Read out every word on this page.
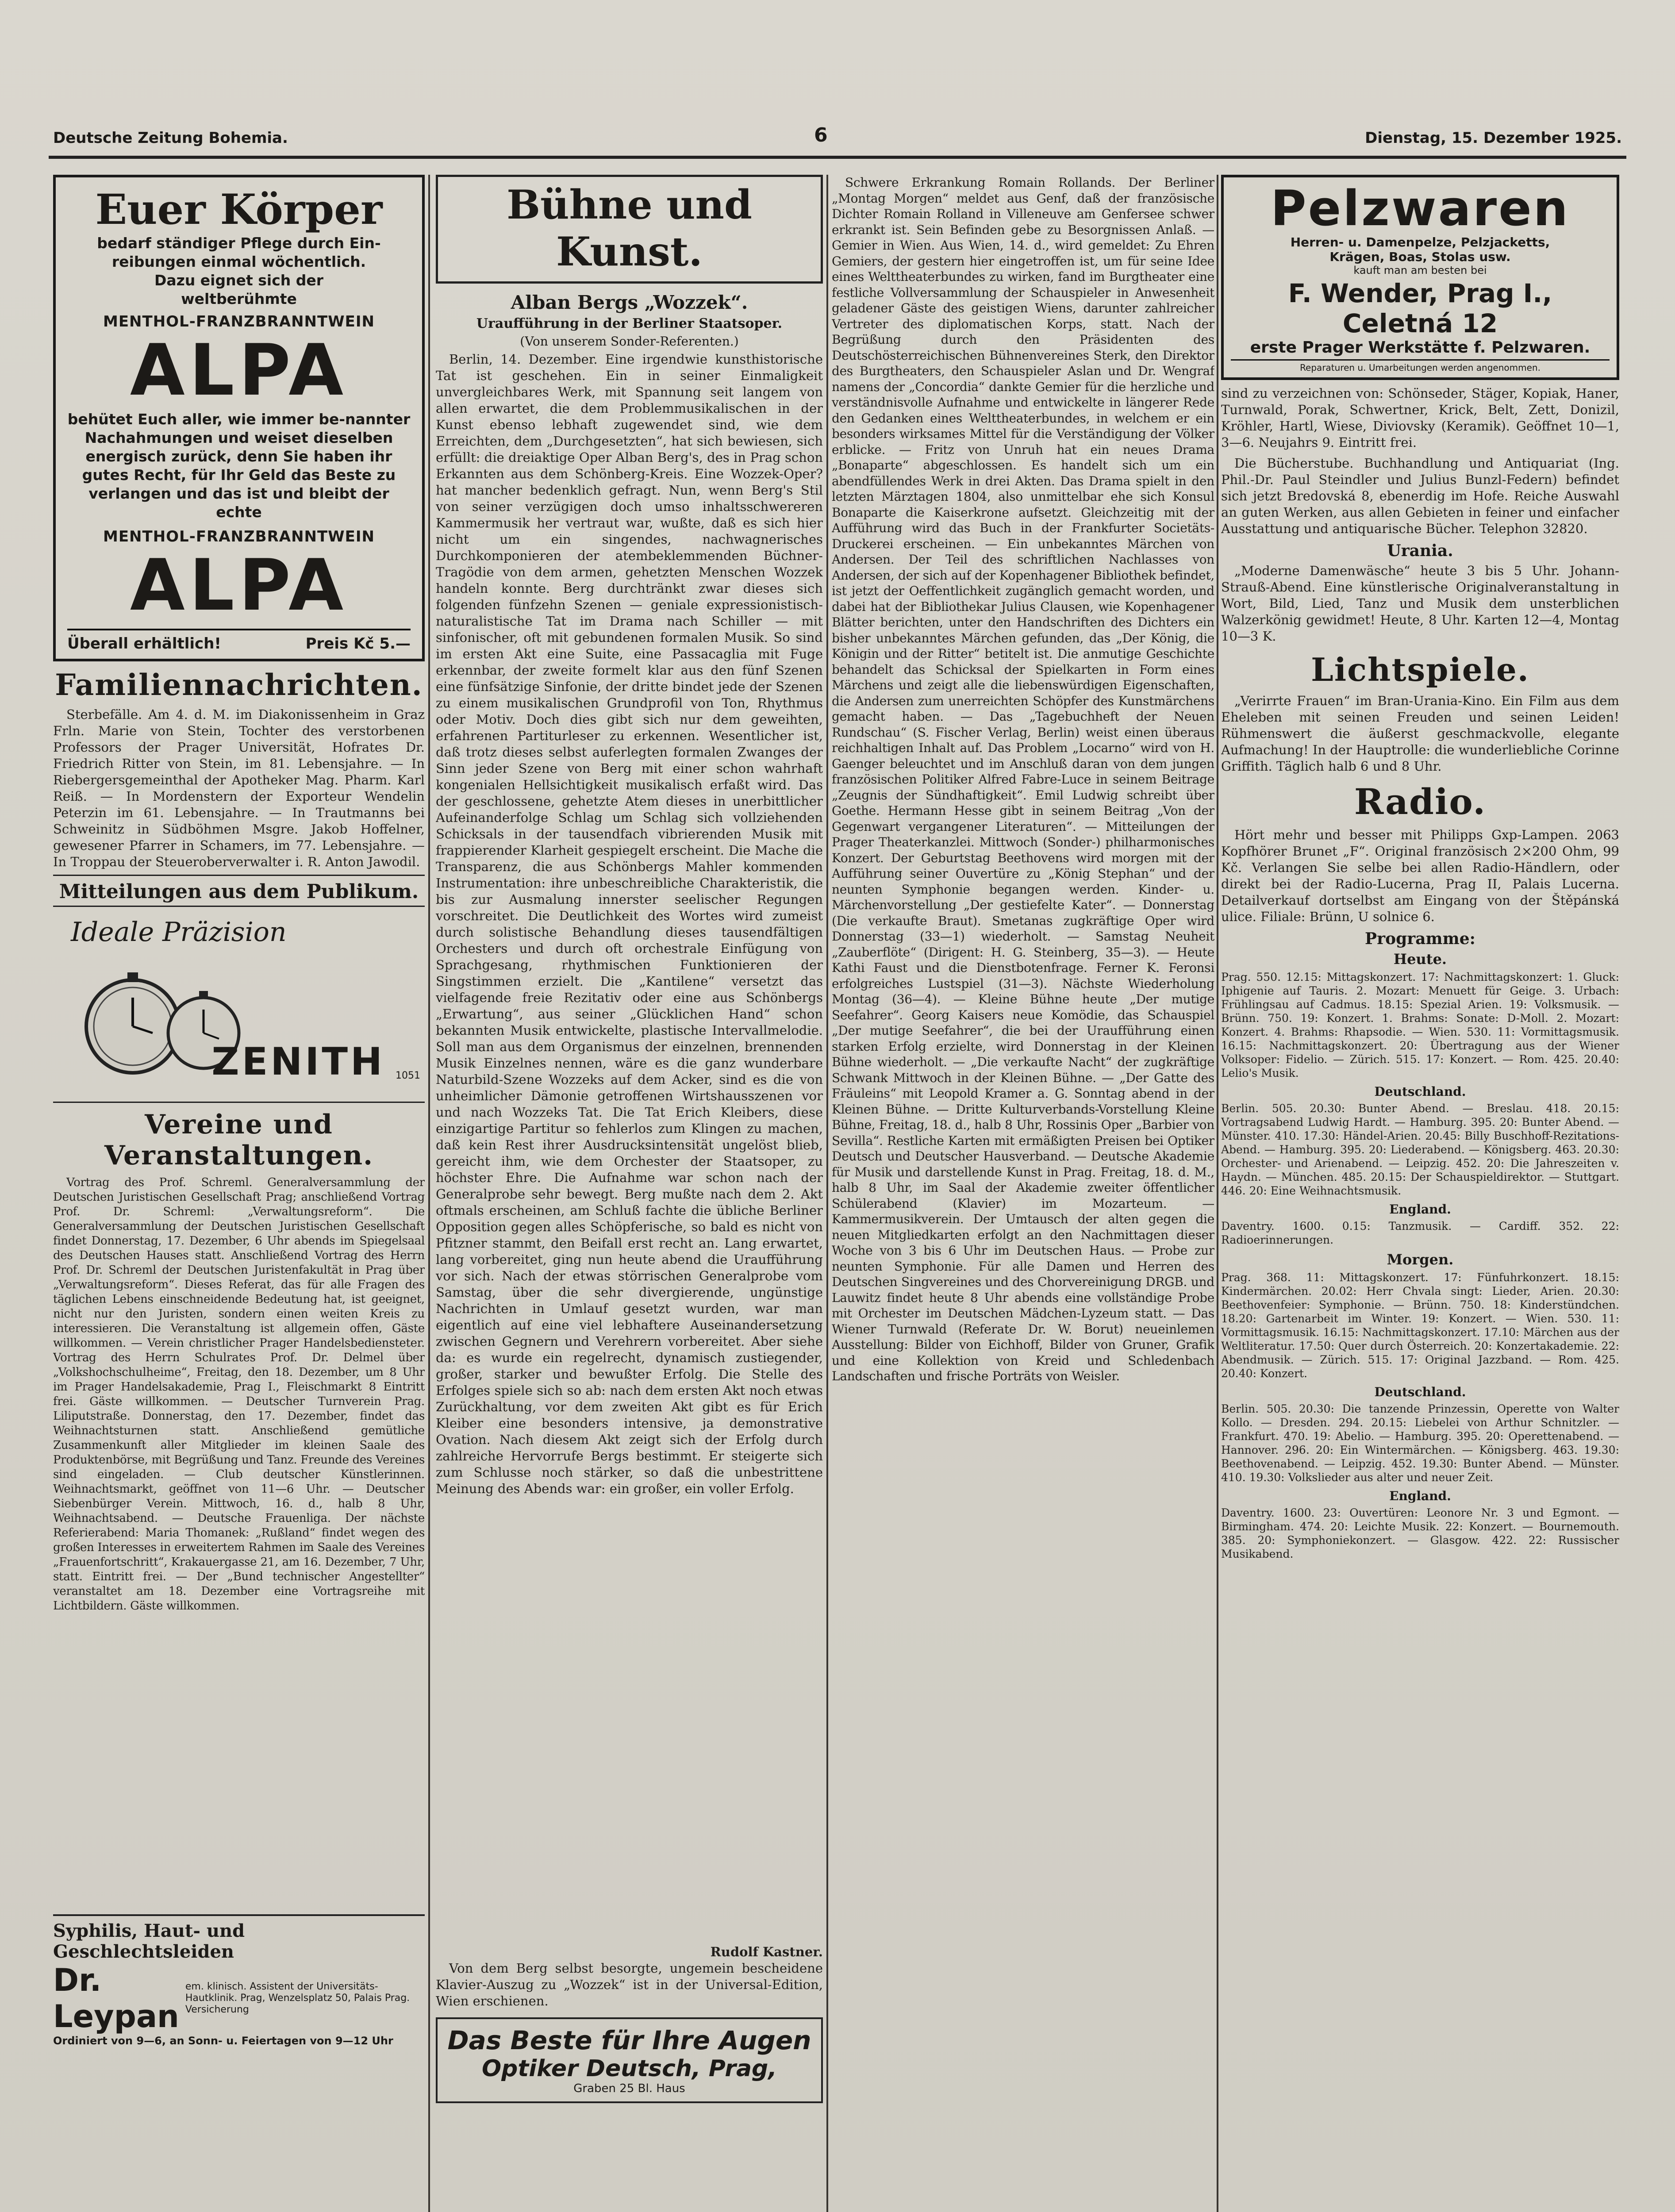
Deutsche Zeitung Bohemia.	6	Dienstag, 15. Dezember 1925.
Euer Körper
bedarf ständiger Pflege durch Ein-
reibungen einmal wöchentlich.
Dazu eignet sich der
weltberühmte
MENTHOL-FRANZBRANNTWEIN
ALPA
behütet Euch aller, wie immer be-nannter Nachahmungen und weiset dieselben energisch zurück, denn Sie haben ihr gutes Recht, für Ihr Geld das Beste zu verlangen und das ist und bleibt der echte
MENTHOL-FRANZBRANNTWEIN
ALPA
Überall erhältlich!	Preis Kč 5.—
Familiennachrichten.

Sterbefälle. Am 4. d. M. im Diakonissenheim in Graz Frln. Marie von Stein, Tochter des verstorbenen Professors der Prager Universität, Hofrates Dr. Friedrich Ritter von Stein, im 81. Lebensjahre. — In Riebergersgemeinthal der Apotheker Mag. Pharm. Karl Reiß. — In Mordenstern der Exporteur Wendelin Peterzin im 61. Lebensjahre. — In Trautmanns bei Schweinitz in Südböhmen Msgre. Jakob Hoffelner, gewesener Pfarrer in Schamers, im 77. Lebensjahre. — In Troppau der Steueroberverwalter i. R. Anton Jawodil.

Mitteilungen aus dem Publikum.
Ideale Präzision
ZENITH 1051
Vereine und Veranstaltungen.

Vortrag des Prof. Schreml. Generalversammlung der Deutschen Juristischen Gesellschaft Prag; anschließend Vortrag Prof. Dr. Schreml: „Verwaltungsreform“. Die Generalversammlung der Deutschen Juristischen Gesellschaft findet Donnerstag, 17. Dezember, 6 Uhr abends im Spiegelsaal des Deutschen Hauses statt. Anschließend Vortrag des Herrn Prof. Dr. Schreml der Deutschen Juristenfakultät in Prag über „Verwaltungsreform“. Dieses Referat, das für alle Fragen des täglichen Lebens einschneidende Bedeutung hat, ist geeignet, nicht nur den Juristen, sondern einen weiten Kreis zu interessieren. Die Veranstaltung ist allgemein offen, Gäste willkommen. — Verein christlicher Prager Handelsbediensteter. Vortrag des Herrn Schulrates Prof. Dr. Delmel über „Volkshochschulheime“, Freitag, den 18. Dezember, um 8 Uhr im Prager Handelsakademie, Prag I., Fleischmarkt 8 Eintritt frei. Gäste willkommen. — Deutscher Turnverein Prag. Liliputstraße. Donnerstag, den 17. Dezember, findet das Weihnachtsturnen statt. Anschließend gemütliche Zusammenkunft aller Mitglieder im kleinen Saale des Produktenbörse, mit Begrüßung und Tanz. Freunde des Vereines sind eingeladen. — Club deutscher Künstlerinnen. Weihnachtsmarkt, geöffnet von 11—6 Uhr. — Deutscher Siebenbürger Verein. Mittwoch, 16. d., halb 8 Uhr, Weihnachtsabend. — Deutsche Frauenliga. Der nächste Referierabend: Maria Thomanek: „Rußland“ findet wegen des großen Interesses in erweitertem Rahmen im Saale des Vereines „Frauenfortschritt“, Krakauergasse 21, am 16. Dezember, 7 Uhr, statt. Eintritt frei. — Der „Bund technischer Angestellter“ veranstaltet am 18. Dezember eine Vortragsreihe mit Lichtbildern. Gäste willkommen.

Syphilis, Haut- und Geschlechtsleiden
Dr. Leypan
em. klinisch. Assistent der Universitäts-Hautklinik. Prag, Wenzelsplatz 50, Palais Prag. Versicherung
Ordiniert von 9—6, an Sonn- u. Feiertagen von 9—12 Uhr
Bühne und Kunst.
Alban Bergs „Wozzek“.
Uraufführung in der Berliner Staatsoper.
(Von unserem Sonder-Referenten.)

Berlin, 14. Dezember. Eine irgendwie kunsthistorische Tat ist geschehen. Ein in seiner Einmaligkeit unvergleichbares Werk, mit Spannung seit langem von allen erwartet, die dem Problemmusikalischen in der Kunst ebenso lebhaft zugewendet sind, wie dem Erreichten, dem „Durchgesetzten“, hat sich bewiesen, sich erfüllt: die dreiaktige Oper Alban Berg's, des in Prag schon Erkannten aus dem Schönberg-Kreis. Eine Wozzek-Oper? hat mancher bedenklich gefragt. Nun, wenn Berg's Stil von seiner verzügigen doch umso inhaltsschwereren Kammermusik her vertraut war, wußte, daß es sich hier nicht um ein singendes, nachwagnerisches Durchkomponieren der atembeklemmenden Büchner-Tragödie von dem armen, gehetzten Menschen Wozzek handeln konnte. Berg durchtränkt zwar dieses sich folgenden fünfzehn Szenen — geniale expressionistisch-naturalistische Tat im Drama nach Schiller — mit sinfonischer, oft mit gebundenen formalen Musik. So sind im ersten Akt eine Suite, eine Passacaglia mit Fuge erkennbar, der zweite formelt klar aus den fünf Szenen eine fünfsätzige Sinfonie, der dritte bindet jede der Szenen zu einem musikalischen Grundprofil von Ton, Rhythmus oder Motiv. Doch dies gibt sich nur dem geweihten, erfahrenen Partiturleser zu erkennen. Wesentlicher ist, daß trotz dieses selbst auferlegten formalen Zwanges der Sinn jeder Szene von Berg mit einer schon wahrhaft kongenialen Hellsichtigkeit musikalisch erfaßt wird. Das der geschlossene, gehetzte Atem dieses in unerbittlicher Aufeinanderfolge Schlag um Schlag sich vollziehenden Schicksals in der tausendfach vibrierenden Musik mit frappierender Klarheit gespiegelt erscheint. Die Mache die Transparenz, die aus Schönbergs Mahler kommenden Instrumentation: ihre unbeschreibliche Charakteristik, die bis zur Ausmalung innerster seelischer Regungen vorschreitet. Die Deutlichkeit des Wortes wird zumeist durch solistische Behandlung dieses tausendfältigen Orchesters und durch oft orchestrale Einfügung von Sprachgesang, rhythmischen Funktionieren der Singstimmen erzielt. Die „Kantilene“ versetzt das vielfagende freie Rezitativ oder eine aus Schönbergs „Erwartung“, aus seiner „Glücklichen Hand“ schon bekannten Musik entwickelte, plastische Intervallmelodie. Soll man aus dem Organismus der einzelnen, brennenden Musik Einzelnes nennen, wäre es die ganz wunderbare Naturbild-Szene Wozzeks auf dem Acker, sind es die von unheimlicher Dämonie getroffenen Wirtshausszenen vor und nach Wozzeks Tat. Die Tat Erich Kleibers, diese einzigartige Partitur so fehlerlos zum Klingen zu machen, daß kein Rest ihrer Ausdrucksintensität ungelöst blieb, gereicht ihm, wie dem Orchester der Staatsoper, zu höchster Ehre. Die Aufnahme war schon nach der Generalprobe sehr bewegt. Berg mußte nach dem 2. Akt oftmals erscheinen, am Schluß fachte die übliche Berliner Opposition gegen alles Schöpferische, so bald es nicht von Pfitzner stammt, den Beifall erst recht an. Lang erwartet, lang vorbereitet, ging nun heute abend die Uraufführung vor sich. Nach der etwas störrischen Generalprobe vom Samstag, über die sehr divergierende, ungünstige Nachrichten in Umlauf gesetzt wurden, war man eigentlich auf eine viel lebhaftere Auseinandersetzung zwischen Gegnern und Verehrern vorbereitet. Aber siehe da: es wurde ein regelrecht, dynamisch zustiegender, großer, starker und bewußter Erfolg. Die Stelle des Erfolges spiele sich so ab: nach dem ersten Akt noch etwas Zurückhaltung, vor dem zweiten Akt gibt es für Erich Kleiber eine besonders intensive, ja demonstrative Ovation. Nach diesem Akt zeigt sich der Erfolg durch zahlreiche Hervorrufe Bergs bestimmt. Er steigerte sich zum Schlusse noch stärker, so daß die unbestrittene Meinung des Abends war: ein großer, ein voller Erfolg.

Rudolf Kastner.

Von dem Berg selbst besorgte, ungemein bescheidene Klavier-Auszug zu „Wozzek“ ist in der Universal-Edition, Wien erschienen.

Das Beste für Ihre Augen
Optiker Deutsch, Prag,
Graben 25 Bl. Haus

Schwere Erkrankung Romain Rollands. Der Berliner „Montag Morgen“ meldet aus Genf, daß der französische Dichter Romain Rolland in Villeneuve am Genfersee schwer erkrankt ist. Sein Befinden gebe zu Besorgnissen Anlaß. — Gemier in Wien. Aus Wien, 14. d., wird gemeldet: Zu Ehren Gemiers, der gestern hier eingetroffen ist, um für seine Idee eines Welttheaterbundes zu wirken, fand im Burgtheater eine festliche Vollversammlung der Schauspieler in Anwesenheit geladener Gäste des geistigen Wiens, darunter zahlreicher Vertreter des diplomatischen Korps, statt. Nach der Begrüßung durch den Präsidenten des Deutschösterreichischen Bühnenvereines Sterk, den Direktor des Burgtheaters, den Schauspieler Aslan und Dr. Wengraf namens der „Concordia“ dankte Gemier für die herzliche und verständnisvolle Aufnahme und entwickelte in längerer Rede den Gedanken eines Welttheaterbundes, in welchem er ein besonders wirksames Mittel für die Verständigung der Völker erblicke. — Fritz von Unruh hat ein neues Drama „Bonaparte“ abgeschlossen. Es handelt sich um ein abendfüllendes Werk in drei Akten. Das Drama spielt in den letzten Märztagen 1804, also unmittelbar ehe sich Konsul Bonaparte die Kaiserkrone aufsetzt. Gleichzeitig mit der Aufführung wird das Buch in der Frankfurter Societäts-Druckerei erscheinen. — Ein unbekanntes Märchen von Andersen. Der Teil des schriftlichen Nachlasses von Andersen, der sich auf der Kopenhagener Bibliothek befindet, ist jetzt der Oeffentlichkeit zugänglich gemacht worden, und dabei hat der Bibliothekar Julius Clausen, wie Kopenhagener Blätter berichten, unter den Handschriften des Dichters ein bisher unbekanntes Märchen gefunden, das „Der König, die Königin und der Ritter“ betitelt ist. Die anmutige Geschichte behandelt das Schicksal der Spielkarten in Form eines Märchens und zeigt alle die liebenswürdigen Eigenschaften, die Andersen zum unerreichten Schöpfer des Kunstmärchens gemacht haben. — Das „Tagebuchheft der Neuen Rundschau“ (S. Fischer Verlag, Berlin) weist einen überaus reichhaltigen Inhalt auf. Das Problem „Locarno“ wird von H. Gaenger beleuchtet und im Anschluß daran von dem jungen französischen Politiker Alfred Fabre-Luce in seinem Beitrage „Zeugnis der Sündhaftigkeit“. Emil Ludwig schreibt über Goethe. Hermann Hesse gibt in seinem Beitrag „Von der Gegenwart vergangener Literaturen“. — Mitteilungen der Prager Theaterkanzlei. Mittwoch (Sonder-) philharmonisches Konzert. Der Geburtstag Beethovens wird morgen mit der Aufführung seiner Ouvertüre zu „König Stephan“ und der neunten Symphonie begangen werden. Kinder- u. Märchenvorstellung „Der gestiefelte Kater“. — Donnerstag (Die verkaufte Braut). Smetanas zugkräftige Oper wird Donnerstag (33—1) wiederholt. — Samstag Neuheit „Zauberflöte“ (Dirigent: H. G. Steinberg, 35—3). — Heute Kathi Faust und die Dienstbotenfrage. Ferner K. Feronsi erfolgreiches Lustspiel (31—3). Nächste Wiederholung Montag (36—4). — Kleine Bühne heute „Der mutige Seefahrer“. Georg Kaisers neue Komödie, das Schauspiel „Der mutige Seefahrer“, die bei der Uraufführung einen starken Erfolg erzielte, wird Donnerstag in der Kleinen Bühne wiederholt. — „Die verkaufte Nacht“ der zugkräftige Schwank Mittwoch in der Kleinen Bühne. — „Der Gatte des Fräuleins“ mit Leopold Kramer a. G. Sonntag abend in der Kleinen Bühne. — Dritte Kulturverbands-Vorstellung Kleine Bühne, Freitag, 18. d., halb 8 Uhr, Rossinis Oper „Barbier von Sevilla“. Restliche Karten mit ermäßigten Preisen bei Optiker Deutsch und Deutscher Hausverband. — Deutsche Akademie für Musik und darstellende Kunst in Prag. Freitag, 18. d. M., halb 8 Uhr, im Saal der Akademie zweiter öffentlicher Schülerabend (Klavier) im Mozarteum. — Kammermusikverein. Der Umtausch der alten gegen die neuen Mitgliedkarten erfolgt an den Nachmittagen dieser Woche von 3 bis 6 Uhr im Deutschen Haus. — Probe zur neunten Symphonie. Für alle Damen und Herren des Deutschen Singvereines und des Chorvereinigung DRGB. und Lauwitz findet heute 8 Uhr abends eine vollständige Probe mit Orchester im Deutschen Mädchen-Lyzeum statt. — Das Wiener Turnwald (Referate Dr. W. Borut) neueinlemen Ausstellung: Bilder von Eichhoff, Bilder von Gruner, Grafik und eine Kollektion von Kreid und Schledenbach Landschaften und frische Porträts von Weisler.

Pelzwaren
Herren- u. Damenpelze, Pelzjacketts,
Krägen, Boas, Stolas usw.
kauft man am besten bei
F. Wender, Prag I., Celetná 12
erste Prager Werkstätte f. Pelzwaren.
Reparaturen u. Umarbeitungen werden angenommen.

sind zu verzeichnen von: Schönseder, Stäger, Kopiak, Haner, Turnwald, Porak, Schwertner, Krick, Belt, Zett, Donizil, Kröhler, Hartl, Wiese, Diviovsky (Keramik). Geöffnet 10—1, 3—6. Neujahrs 9. Eintritt frei.

Die Bücherstube. Buchhandlung und Antiquariat (Ing. Phil.-Dr. Paul Steindler und Julius Bunzl-Federn) befindet sich jetzt Bredovská 8, ebenerdig im Hofe. Reiche Auswahl an guten Werken, aus allen Gebieten in feiner und einfacher Ausstattung und antiquarische Bücher. Telephon 32820.

Urania.

„Moderne Damenwäsche“ heute 3 bis 5 Uhr. Johann-Strauß-Abend. Eine künstlerische Originalveranstaltung in Wort, Bild, Lied, Tanz und Musik dem unsterblichen Walzerkönig gewidmet! Heute, 8 Uhr. Karten 12—4, Montag 10—3 K.

Lichtspiele.

„Verirrte Frauen“ im Bran-Urania-Kino. Ein Film aus dem Eheleben mit seinen Freuden und seinen Leiden! Rühmenswert die äußerst geschmackvolle, elegante Aufmachung! In der Hauptrolle: die wunderliebliche Corinne Griffith. Täglich halb 6 und 8 Uhr.

Radio.

Hört mehr und besser mit Philipps Gxp-Lampen. 2063 Kopfhörer Brunet „F“. Original französisch 2×200 Ohm, 99 Kč. Verlangen Sie selbe bei allen Radio-Händlern, oder direkt bei der Radio-Lucerna, Prag II, Palais Lucerna. Detailverkauf dortselbst am Eingang von der Štěpánská ulice. Filiale: Brünn, U solnice 6.

Programme:
Heute.

Prag. 550. 12.15: Mittagskonzert. 17: Nachmittagskonzert: 1. Gluck: Iphigenie auf Tauris. 2. Mozart: Menuett für Geige. 3. Urbach: Frühlingsau auf Cadmus. 18.15: Spezial Arien. 19: Volksmusik. — Brünn. 750. 19: Konzert. 1. Brahms: Sonate: D-Moll. 2. Mozart: Konzert. 4. Brahms: Rhapsodie. — Wien. 530. 11: Vormittagsmusik. 16.15: Nachmittagskonzert. 20: Übertragung aus der Wiener Volksoper: Fidelio. — Zürich. 515. 17: Konzert. — Rom. 425. 20.40: Lelio's Musik.

Deutschland.

Berlin. 505. 20.30: Bunter Abend. — Breslau. 418. 20.15: Vortragsabend Ludwig Hardt. — Hamburg. 395. 20: Bunter Abend. — Münster. 410. 17.30: Händel-Arien. 20.45: Billy Buschhoff-Rezitations-Abend. — Hamburg. 395. 20: Liederabend. — Königsberg. 463. 20.30: Orchester- und Arienabend. — Leipzig. 452. 20: Die Jahreszeiten v. Haydn. — München. 485. 20.15: Der Schauspieldirektor. — Stuttgart. 446. 20: Eine Weihnachtsmusik.

England.

Daventry. 1600. 0.15: Tanzmusik. — Cardiff. 352. 22: Radioerinnerungen.

Morgen.

Prag. 368. 11: Mittagskonzert. 17: Fünfuhrkonzert. 18.15: Kindermärchen. 20.02: Herr Chvala singt: Lieder, Arien. 20.30: Beethovenfeier: Symphonie. — Brünn. 750. 18: Kinderstündchen. 18.20: Gartenarbeit im Winter. 19: Konzert. — Wien. 530. 11: Vormittagsmusik. 16.15: Nachmittagskonzert. 17.10: Märchen aus der Weltliteratur. 17.50: Quer durch Österreich. 20: Konzertakademie. 22: Abendmusik. — Zürich. 515. 17: Original Jazzband. — Rom. 425. 20.40: Konzert.

Deutschland.

Berlin. 505. 20.30: Die tanzende Prinzessin, Operette von Walter Kollo. — Dresden. 294. 20.15: Liebelei von Arthur Schnitzler. — Frankfurt. 470. 19: Abelio. — Hamburg. 395. 20: Operettenabend. — Hannover. 296. 20: Ein Wintermärchen. — Königsberg. 463. 19.30: Beethovenabend. — Leipzig. 452. 19.30: Bunter Abend. — Münster. 410. 19.30: Volkslieder aus alter und neuer Zeit.

England.

Daventry. 1600. 23: Ouvertüren: Leonore Nr. 3 und Egmont. — Birmingham. 474. 20: Leichte Musik. 22: Konzert. — Bournemouth. 385. 20: Symphoniekonzert. — Glasgow. 422. 22: Russischer Musikabend.
